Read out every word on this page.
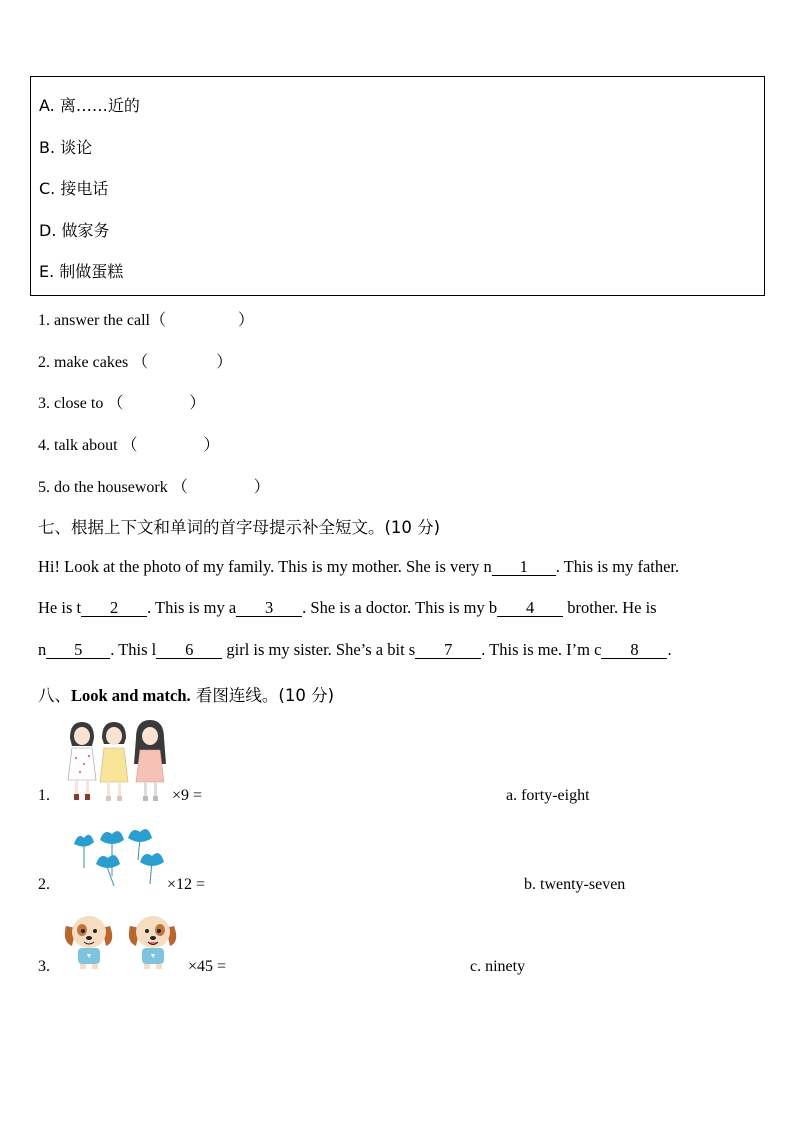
A. 离……近的
B. 谈论
C. 接电话
D. 做家务
E. 制做蛋糕
1. answer the call（	）
2. make cakes （	）
3. close to （	）
4. talk about （	）
5. do the housework （	）
七、根据上下文和单词的首字母提示补全短文。(10 分)
Hi! Look at the photo of my family. This is my mother. She is very n 1 . This is my father.
He is t 2 . This is my a 3 . She is a doctor. This is my b 4 brother. He is
n 5 . This l 6 girl is my sister. She’s a bit s 7 . This is me. I’m c 8 .
八、Look and match. 看图连线。(10 分)
1.	×9 =	a. forty-eight
2.	×12 =	b. twenty-seven
3.	×45 =	c. ninety
